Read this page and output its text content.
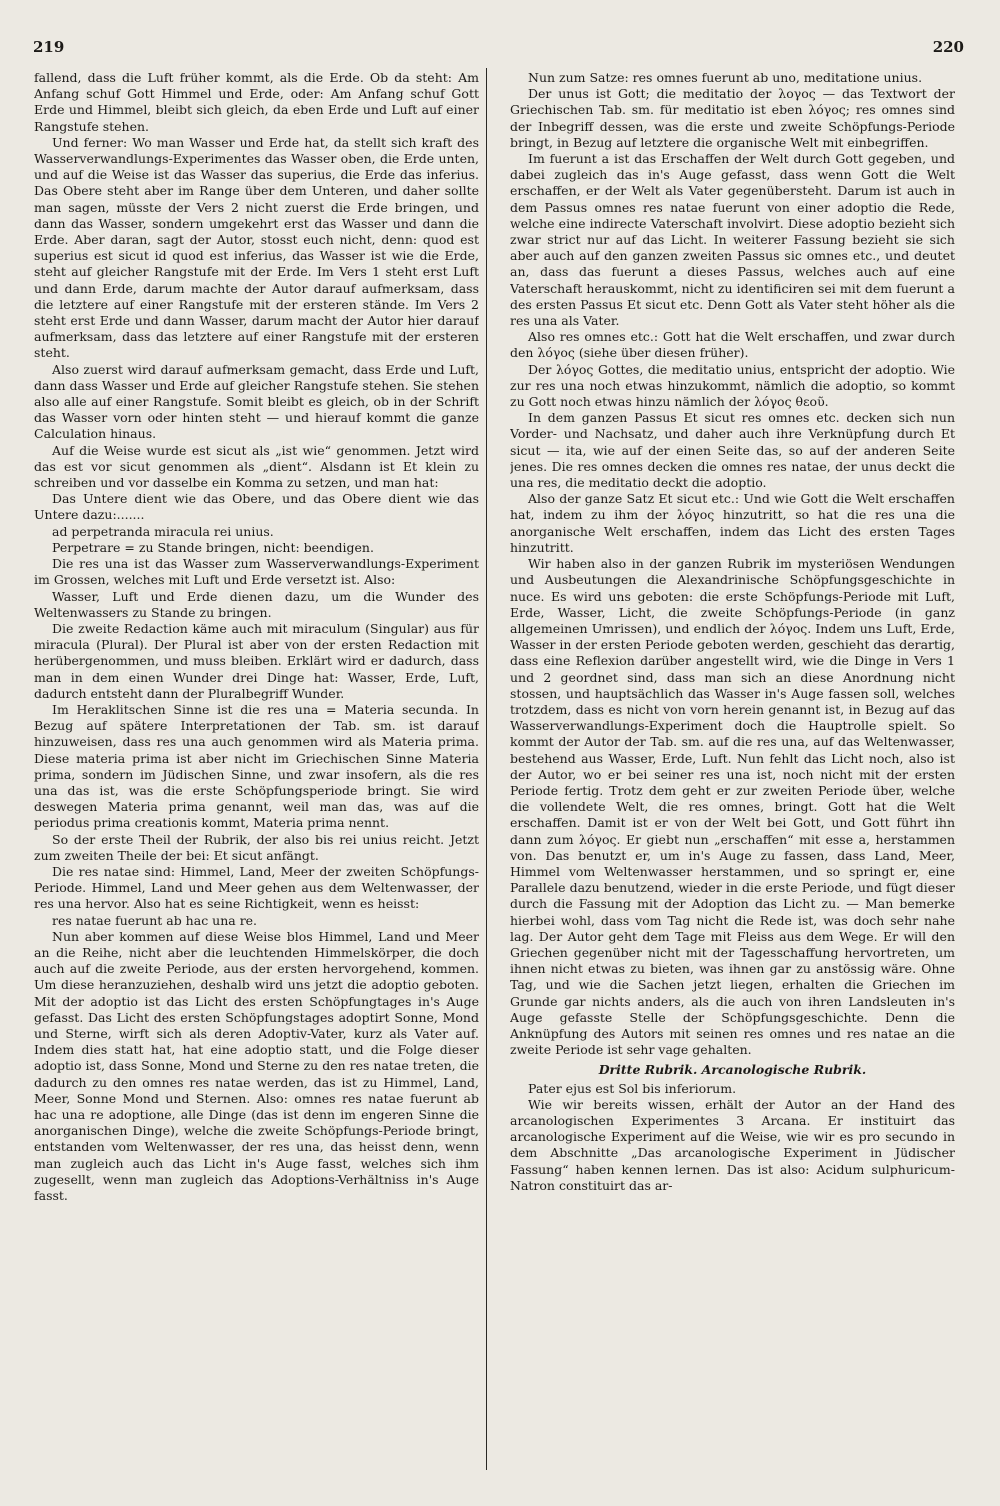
219	220

fallend, dass die Luft früher kommt, als die Erde. Ob da steht: Am Anfang schuf Gott Himmel und Erde, oder: Am Anfang schuf Gott Erde und Himmel, bleibt sich gleich, da eben Erde und Luft auf einer Rangstufe stehen.

Und ferner: Wo man Wasser und Erde hat, da stellt sich kraft des Wasserverwandlungs-Experimentes das Wasser oben, die Erde unten, und auf die Weise ist das Wasser das superius, die Erde das inferius. Das Obere steht aber im Range über dem Unteren, und daher sollte man sagen, müsste der Vers 2 nicht zuerst die Erde bringen, und dann das Wasser, sondern umgekehrt erst das Wasser und dann die Erde. Aber daran, sagt der Autor, stosst euch nicht, denn: quod est superius est sicut id quod est inferius, das Wasser ist wie die Erde, steht auf gleicher Rangstufe mit der Erde. Im Vers 1 steht erst Luft und dann Erde, darum machte der Autor darauf aufmerksam, dass die letztere auf einer Rangstufe mit der ersteren stände. Im Vers 2 steht erst Erde und dann Wasser, darum macht der Autor hier darauf aufmerksam, dass das letztere auf einer Rangstufe mit der ersteren steht.

Also zuerst wird darauf aufmerksam gemacht, dass Erde und Luft, dann dass Wasser und Erde auf gleicher Rangstufe stehen. Sie stehen also alle auf einer Rangstufe. Somit bleibt es gleich, ob in der Schrift das Wasser vorn oder hinten steht — und hierauf kommt die ganze Calculation hinaus.

Auf die Weise wurde est sicut als „ist wie“ genommen. Jetzt wird das est vor sicut genommen als „dient“. Alsdann ist Et klein zu schreiben und vor dasselbe ein Komma zu setzen, und man hat:

Das Untere dient wie das Obere, und das Obere dient wie das Untere dazu:.......

ad perpetranda miracula rei unius.

Perpetrare = zu Stande bringen, nicht: beendigen.

Die res una ist das Wasser zum Wasserverwandlungs-Experiment im Grossen, welches mit Luft und Erde versetzt ist. Also:

Wasser, Luft und Erde dienen dazu, um die Wunder des Weltenwassers zu Stande zu bringen.

Die zweite Redaction käme auch mit miraculum (Singular) aus für miracula (Plural). Der Plural ist aber von der ersten Redaction mit herübergenommen, und muss bleiben. Erklärt wird er dadurch, dass man in dem einen Wunder drei Dinge hat: Wasser, Erde, Luft, dadurch entsteht dann der Pluralbegriff Wunder.

Im Heraklitschen Sinne ist die res una = Materia secunda. In Bezug auf spätere Interpretationen der Tab. sm. ist darauf hinzuweisen, dass res una auch genommen wird als Materia prima. Diese materia prima ist aber nicht im Griechischen Sinne Materia prima, sondern im Jüdischen Sinne, und zwar insofern, als die res una das ist, was die erste Schöpfungsperiode bringt. Sie wird deswegen Materia prima genannt, weil man das, was auf die periodus prima creationis kommt, Materia prima nennt.

So der erste Theil der Rubrik, der also bis rei unius reicht. Jetzt zum zweiten Theile der bei: Et sicut anfängt.

Die res natae sind: Himmel, Land, Meer der zweiten Schöpfungs-Periode. Himmel, Land und Meer gehen aus dem Weltenwasser, der res una hervor. Also hat es seine Richtigkeit, wenn es heisst:

res natae fuerunt ab hac una re.

Nun aber kommen auf diese Weise blos Himmel, Land und Meer an die Reihe, nicht aber die leuchtenden Himmelskörper, die doch auch auf die zweite Periode, aus der ersten hervorgehend, kommen. Um diese heranzuziehen, deshalb wird uns jetzt die adoptio geboten. Mit der adoptio ist das Licht des ersten Schöpfungtages in's Auge gefasst. Das Licht des ersten Schöpfungstages adoptirt Sonne, Mond und Sterne, wirft sich als deren Adoptiv-Vater, kurz als Vater auf. Indem dies statt hat, hat eine adoptio statt, und die Folge dieser adoptio ist, dass Sonne, Mond und Sterne zu den res natae treten, die dadurch zu den omnes res natae werden, das ist zu Himmel, Land, Meer, Sonne Mond und Sternen. Also: omnes res natae fuerunt ab hac una re adoptione, alle Dinge (das ist denn im engeren Sinne die anorganischen Dinge), welche die zweite Schöpfungs-Periode bringt, entstanden vom Weltenwasser, der res una, das heisst denn, wenn man zugleich auch das Licht in's Auge fasst, welches sich ihm zugesellt, wenn man zugleich das Adoptions-Verhältniss in's Auge fasst.

Nun zum Satze: res omnes fuerunt ab uno, meditatione unius.

Der unus ist Gott; die meditatio der λογος — das Textwort der Griechischen Tab. sm. für meditatio ist eben λόγος; res omnes sind der Inbegriff dessen, was die erste und zweite Schöpfungs-Periode bringt, in Bezug auf letztere die organische Welt mit einbegriffen.

Im fuerunt a ist das Erschaffen der Welt durch Gott gegeben, und dabei zugleich das in's Auge gefasst, dass wenn Gott die Welt erschaffen, er der Welt als Vater gegenübersteht. Darum ist auch in dem Passus omnes res natae fuerunt von einer adoptio die Rede, welche eine indirecte Vaterschaft involvirt. Diese adoptio bezieht sich zwar strict nur auf das Licht. In weiterer Fassung bezieht sie sich aber auch auf den ganzen zweiten Passus sic omnes etc., und deutet an, dass das fuerunt a dieses Passus, welches auch auf eine Vaterschaft herauskommt, nicht zu identificiren sei mit dem fuerunt a des ersten Passus Et sicut etc. Denn Gott als Vater steht höher als die res una als Vater.

Also res omnes etc.: Gott hat die Welt erschaffen, und zwar durch den λόγος (siehe über diesen früher).

Der λόγος Gottes, die meditatio unius, entspricht der adoptio. Wie zur res una noch etwas hinzukommt, nämlich die adoptio, so kommt zu Gott noch etwas hinzu nämlich der λόγος θεοῦ.

In dem ganzen Passus Et sicut res omnes etc. decken sich nun Vorder- und Nachsatz, und daher auch ihre Verknüpfung durch Et sicut — ita, wie auf der einen Seite das, so auf der anderen Seite jenes. Die res omnes decken die omnes res natae, der unus deckt die una res, die meditatio deckt die adoptio.

Also der ganze Satz Et sicut etc.: Und wie Gott die Welt erschaffen hat, indem zu ihm der λόγος hinzutritt, so hat die res una die anorganische Welt erschaffen, indem das Licht des ersten Tages hinzutritt.

Wir haben also in der ganzen Rubrik im mysteriösen Wendungen und Ausbeutungen die Alexandrinische Schöpfungsgeschichte in nuce. Es wird uns geboten: die erste Schöpfungs-Periode mit Luft, Erde, Wasser, Licht, die zweite Schöpfungs-Periode (in ganz allgemeinen Umrissen), und endlich der λόγος. Indem uns Luft, Erde, Wasser in der ersten Periode geboten werden, geschieht das derartig, dass eine Reflexion darüber angestellt wird, wie die Dinge in Vers 1 und 2 geordnet sind, dass man sich an diese Anordnung nicht stossen, und hauptsächlich das Wasser in's Auge fassen soll, welches trotzdem, dass es nicht von vorn herein genannt ist, in Bezug auf das Wasserverwandlungs-Experiment doch die Hauptrolle spielt. So kommt der Autor der Tab. sm. auf die res una, auf das Weltenwasser, bestehend aus Wasser, Erde, Luft. Nun fehlt das Licht noch, also ist der Autor, wo er bei seiner res una ist, noch nicht mit der ersten Periode fertig. Trotz dem geht er zur zweiten Periode über, welche die vollendete Welt, die res omnes, bringt. Gott hat die Welt erschaffen. Damit ist er von der Welt bei Gott, und Gott führt ihn dann zum λόγος. Er giebt nun „erschaffen“ mit esse a, herstammen von. Das benutzt er, um in's Auge zu fassen, dass Land, Meer, Himmel vom Weltenwasser herstammen, und so springt er, eine Parallele dazu benutzend, wieder in die erste Periode, und fügt dieser durch die Fassung mit der Adoption das Licht zu. — Man bemerke hierbei wohl, dass vom Tag nicht die Rede ist, was doch sehr nahe lag. Der Autor geht dem Tage mit Fleiss aus dem Wege. Er will den Griechen gegenüber nicht mit der Tagesschaffung hervortreten, um ihnen nicht etwas zu bieten, was ihnen gar zu anstössig wäre. Ohne Tag, und wie die Sachen jetzt liegen, erhalten die Griechen im Grunde gar nichts anders, als die auch von ihren Landsleuten in's Auge gefasste Stelle der Schöpfungsgeschichte. Denn die Anknüpfung des Autors mit seinen res omnes und res natae an die zweite Periode ist sehr vage gehalten.

Dritte Rubrik. Arcanologische Rubrik.

Pater ejus est Sol bis inferiorum.

Wie wir bereits wissen, erhält der Autor an der Hand des arcanologischen Experimentes 3 Arcana. Er instituirt das arcanologische Experiment auf die Weise, wie wir es pro secundo in dem Abschnitte „Das arcanologische Experiment in Jüdischer Fassung“ haben kennen lernen. Das ist also: Acidum sulphuricum-Natron constituirt das ar-
